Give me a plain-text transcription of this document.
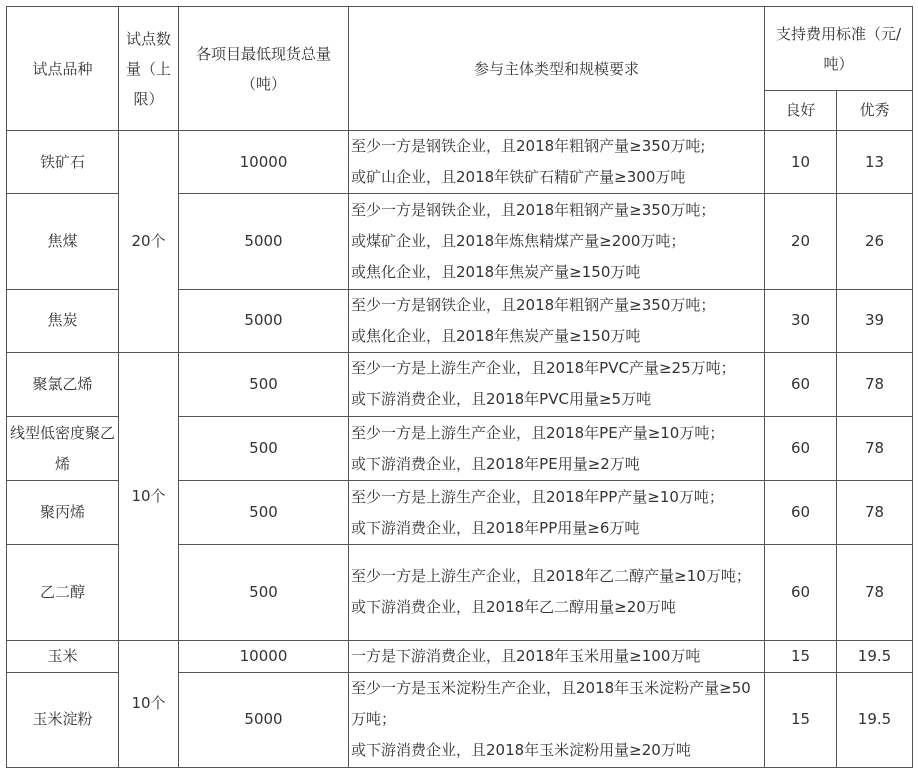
试点品种	试点数量（上限）	各项目最低现货总量（吨）	参与主体类型和规模要求	支持费用标准（元/吨）	
				良好	优秀
铁矿石	20个	10000	至少一方是钢铁企业，且2018年粗钢产量≥350万吨;
或矿山企业，且2018年铁矿石精矿产量≥300万吨	10	13
焦煤		5000	至少一方是钢铁企业，且2018年粗钢产量≥350万吨；
或煤矿企业，且2018年炼焦精煤产量≥200万吨；
或焦化企业，且2018年焦炭产量≥150万吨	20	26
焦炭		5000	至少一方是钢铁企业，且2018年粗钢产量≥350万吨；
或焦化企业，且2018年焦炭产量≥150万吨	30	39
聚氯乙烯	10个	500	至少一方是上游生产企业，且2018年PVC产量≥25万吨；
或下游消费企业，且2018年PVC用量≥5万吨	60	78
线型低密度聚乙烯		500	至少一方是上游生产企业，且2018年PE产量≥10万吨；
或下游消费企业，且2018年PE用量≥2万吨	60	78
聚丙烯		500	至少一方是上游生产企业，且2018年PP产量≥10万吨；
或下游消费企业，且2018年PP用量≥6万吨	60	78
乙二醇		500	至少一方是上游生产企业，且2018年乙二醇产量≥10万吨；
或下游消费企业，且2018年乙二醇用量≥20万吨	60	78
玉米	10个	10000	一方是下游消费企业，且2018年玉米用量≥100万吨	15	19.5
玉米淀粉		5000	至少一方是玉米淀粉生产企业，且2018年玉米淀粉产量≥50万吨；
或下游消费企业，且2018年玉米淀粉用量≥20万吨	15	19.5
